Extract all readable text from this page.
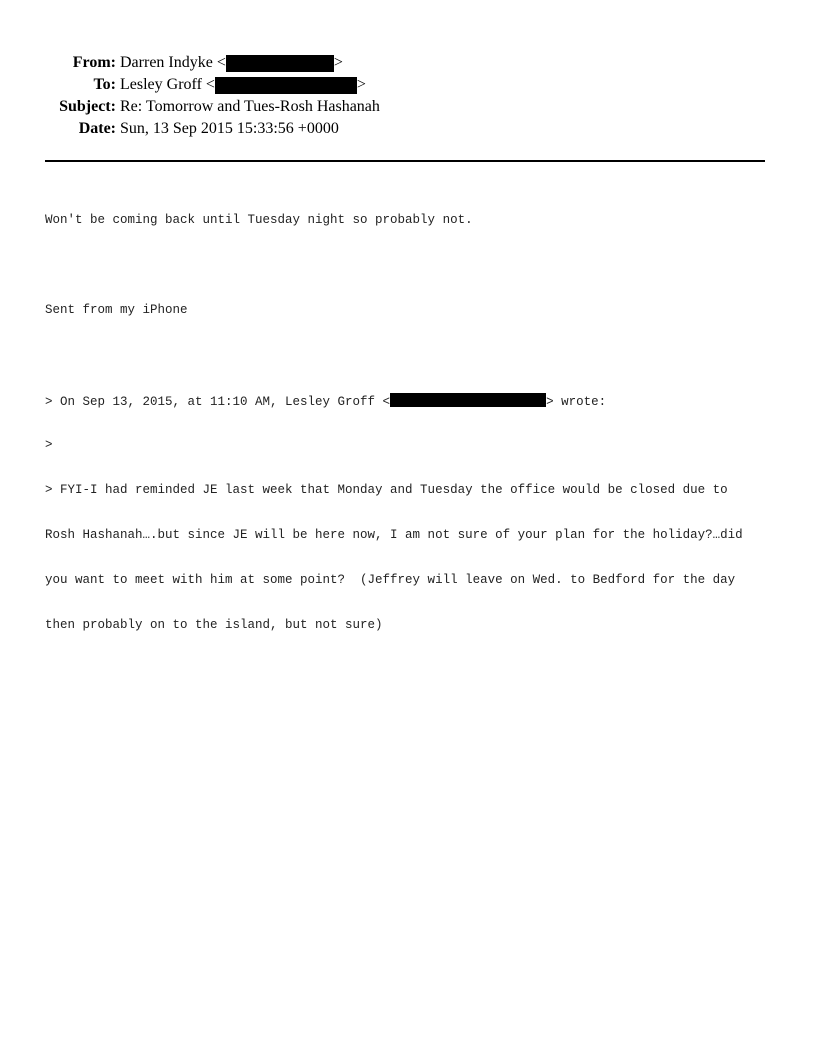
From: Darren Indyke <	>
To: Lesley Groff <	>
Subject: Re: Tomorrow and Tues-Rosh Hashanah
Date: Sun, 13 Sep 2015 15:33:56 +0000

Won't be coming back until Tuesday night so probably not.

Sent from my iPhone

> On Sep 13, 2015, at 11:10 AM, Lesley Groff <	> wrote:

>

> FYI-I had reminded JE last week that Monday and Tuesday the office would be closed due to

Rosh Hashanah….but since JE will be here now, I am not sure of your plan for the holiday?…did

you want to meet with him at some point?  (Jeffrey will leave on Wed. to Bedford for the day

then probably on to the island, but not sure)
